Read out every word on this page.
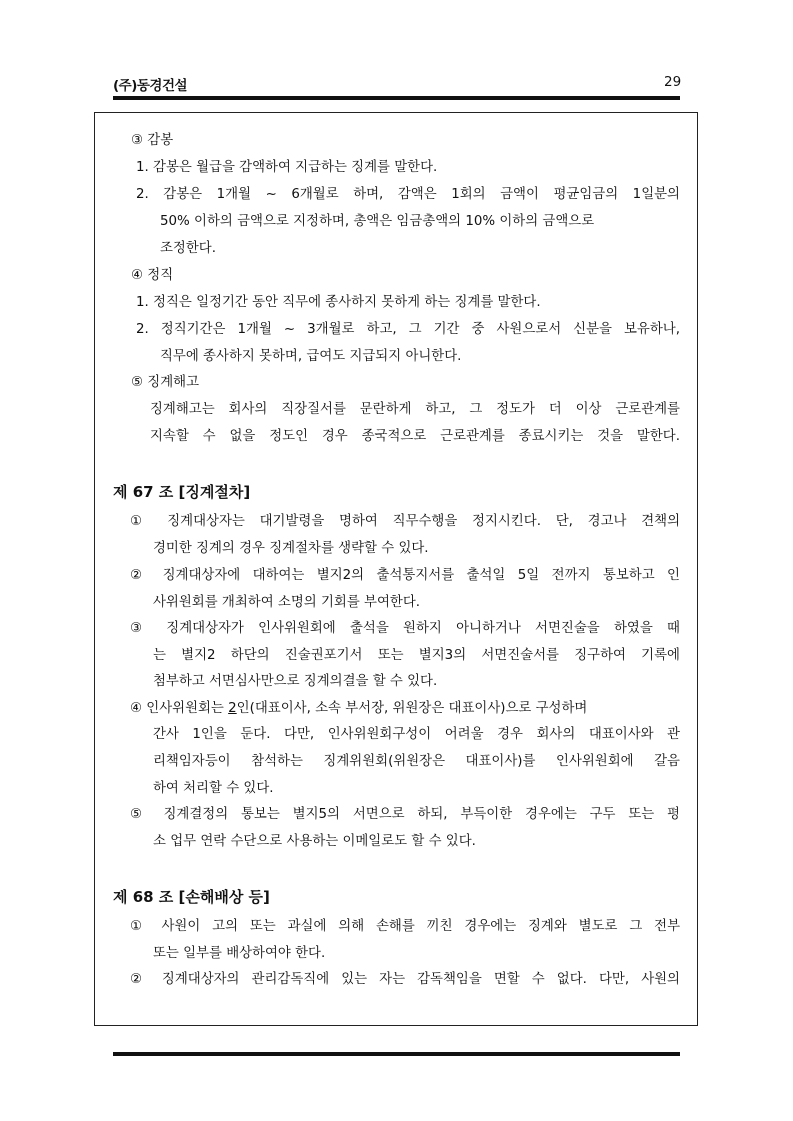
(주)동경건설	29
③ 감봉
1. 감봉은 월급을 감액하여 지급하는 징계를 말한다.
2. 감봉은 1개월 ~ 6개월로 하며, 감액은 1회의 금액이 평균임금의 1일분의
50% 이하의 금액으로 지정하며, 총액은 임금총액의 10% 이하의 금액으로
조정한다.
④ 정직
1. 정직은 일정기간 동안 직무에 종사하지 못하게 하는 징계를 말한다.
2. 정직기간은 1개월 ~ 3개월로 하고, 그 기간 중 사원으로서 신분을 보유하나,
직무에 종사하지 못하며, 급여도 지급되지 아니한다.
⑤ 징계해고
징계해고는 회사의 직장질서를 문란하게 하고, 그 정도가 더 이상 근로관계를
지속할 수 없을 정도인 경우 종국적으로 근로관계를 종료시키는 것을 말한다.
제 67 조 [징계절차]
① 징계대상자는 대기발령을 명하여 직무수행을 정지시킨다. 단, 경고나 견책의
경미한 징계의 경우 징계절차를 생략할 수 있다.
② 징계대상자에 대하여는 별지2의 출석통지서를 출석일 5일 전까지 통보하고 인
사위원회를 개최하여 소명의 기회를 부여한다.
③ 징계대상자가 인사위원회에 출석을 원하지 아니하거나 서면진술을 하였을 때
는 별지2 하단의 진술권포기서 또는 별지3의 서면진술서를 징구하여 기록에
첨부하고 서면심사만으로 징계의결을 할 수 있다.
④ 인사위원회는 2인(대표이사, 소속 부서장, 위원장은 대표이사)으로 구성하며
간사 1인을 둔다. 다만, 인사위원회구성이 어려울 경우 회사의 대표이사와 관
리책임자등이 참석하는 징계위원회(위원장은 대표이사)를 인사위원회에 갈음
하여 처리할 수 있다.
⑤ 징계결정의 통보는 별지5의 서면으로 하되, 부득이한 경우에는 구두 또는 평
소 업무 연락 수단으로 사용하는 이메일로도 할 수 있다.
제 68 조 [손해배상 등]
① 사원이 고의 또는 과실에 의해 손해를 끼친 경우에는 징계와 별도로 그 전부
또는 일부를 배상하여야 한다.
② 징계대상자의 관리감독직에 있는 자는 감독책임을 면할 수 없다. 다만, 사원의
